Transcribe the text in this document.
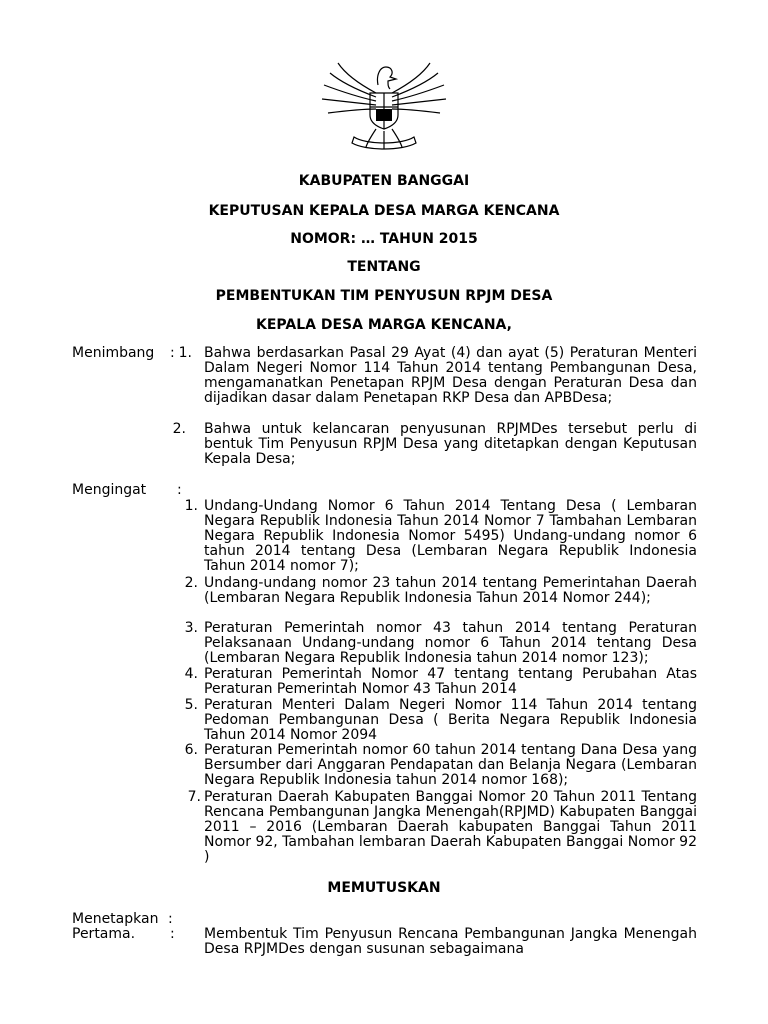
KABUPATEN BANGGAI
KEPUTUSAN KEPALA DESA MARGA KENCANA
NOMOR: … TAHUN 2015
TENTANG
PEMBENTUKAN TIM PENYUSUN RPJM DESA
KEPALA DESA MARGA KENCANA,
Menimbang : 1. Bahwa berdasarkan Pasal 29 Ayat (4) dan ayat (5) Peraturan Menteri Dalam Negeri Nomor 114 Tahun 2014 tentang Pembangunan Desa, mengamanatkan Penetapan RPJM Desa dengan Peraturan Desa dan dijadikan dasar dalam Penetapan RKP Desa dan APBDesa;
2. Bahwa untuk kelancaran penyusunan RPJMDes tersebut perlu di bentuk Tim Penyusun RPJM Desa yang ditetapkan dengan Keputusan Kepala Desa;
Mengingat :
1. Undang-Undang Nomor 6 Tahun 2014 Tentang Desa ( Lembaran Negara Republik Indonesia Tahun 2014 Nomor 7 Tambahan Lembaran Negara Republik Indonesia Nomor 5495) Undang-undang nomor 6 tahun 2014 tentang Desa (Lembaran Negara Republik Indonesia Tahun 2014 nomor 7);
2. Undang-undang nomor 23 tahun 2014 tentang Pemerintahan Daerah (Lembaran Negara Republik Indonesia Tahun 2014 Nomor 244);
3. Peraturan Pemerintah nomor 43 tahun 2014 tentang Peraturan Pelaksanaan Undang-undang nomor 6 Tahun 2014 tentang Desa (Lembaran Negara Republik Indonesia tahun 2014 nomor 123);
4. Peraturan Pemerintah Nomor 47 tentang tentang Perubahan Atas Peraturan Pemerintah Nomor 43 Tahun 2014
5. Peraturan Menteri Dalam Negeri Nomor 114 Tahun 2014 tentang Pedoman Pembangunan Desa ( Berita Negara Republik Indonesia Tahun 2014 Nomor 2094
6. Peraturan Pemerintah nomor 60 tahun 2014 tentang Dana Desa yang Bersumber dari Anggaran Pendapatan dan Belanja Negara (Lembaran Negara Republik Indonesia tahun 2014 nomor 168);
7. Peraturan Daerah Kabupaten Banggai Nomor 20 Tahun 2011 Tentang Rencana Pembangunan Jangka Menengah(RPJMD) Kabupaten Banggai 2011 – 2016 (Lembaran Daerah kabupaten Banggai Tahun 2011 Nomor 92, Tambahan lembaran Daerah Kabupaten Banggai Nomor 92 )
MEMUTUSKAN
Menetapkan :
Pertama. : Membentuk Tim Penyusun Rencana Pembangunan Jangka Menengah Desa RPJMDes dengan susunan sebagaimana
